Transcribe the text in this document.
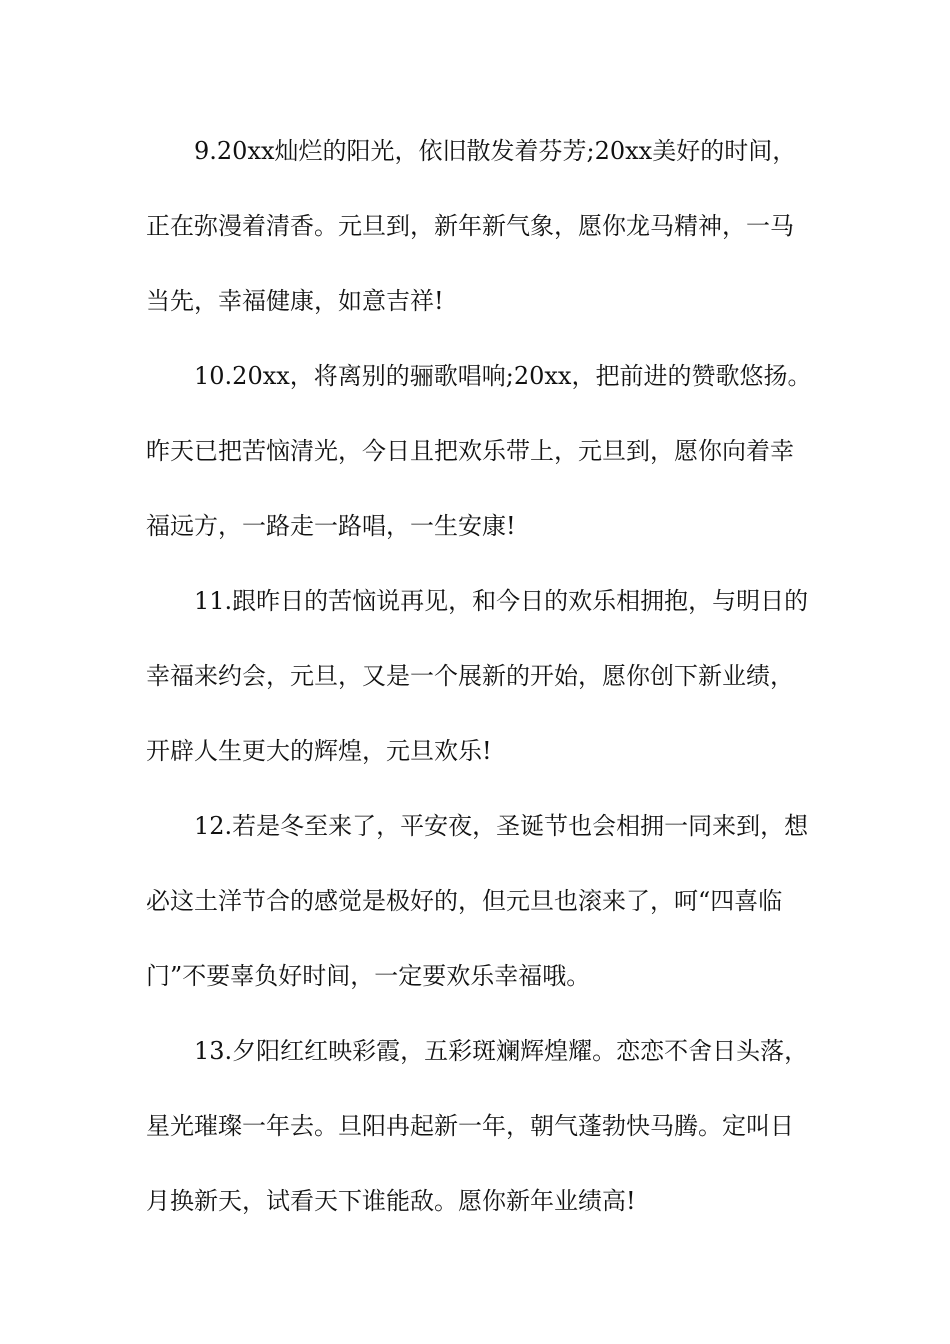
9.20xx灿烂的阳光，依旧散发着芬芳;20xx美好的时间，
正在弥漫着清香。元旦到，新年新气象，愿你龙马精神，一马
当先，幸福健康，如意吉祥!

10.20xx，将离别的骊歌唱响;20xx，把前进的赞歌悠扬。
昨天已把苦恼清光，今日且把欢乐带上，元旦到，愿你向着幸
福远方，一路走一路唱，一生安康!

11.跟昨日的苦恼说再见，和今日的欢乐相拥抱，与明日的
幸福来约会，元旦，又是一个展新的开始，愿你创下新业绩，
开辟人生更大的辉煌，元旦欢乐!

12.若是冬至来了，平安夜，圣诞节也会相拥一同来到，想
必这土洋节合的感觉是极好的，但元旦也滚来了，呵“四喜临
门”不要辜负好时间，一定要欢乐幸福哦。

13.夕阳红红映彩霞，五彩斑斓辉煌耀。恋恋不舍日头落，
星光璀璨一年去。旦阳冉起新一年，朝气蓬勃快马腾。定叫日
月换新天，试看天下谁能敌。愿你新年业绩高!
